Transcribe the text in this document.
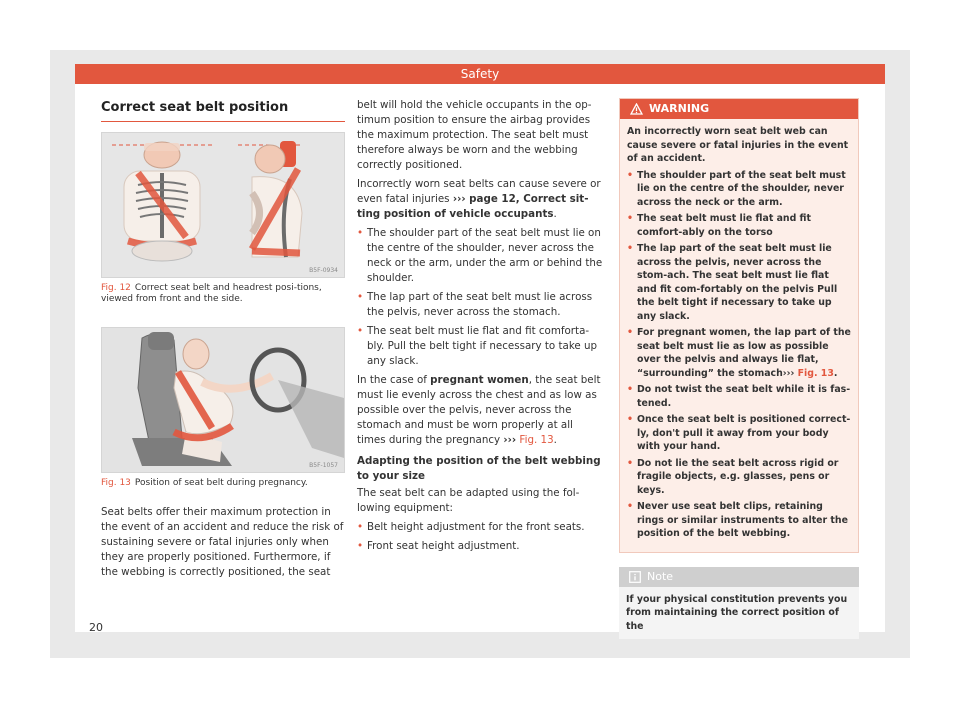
Safety
Correct seat belt position
B5F-0934
Fig. 12 Correct seat belt and headrest posi-tions, viewed from front and the side.
B5F-1057
Fig. 13 Position of seat belt during pregnancy.

Seat belts offer their maximum protection in the event of an accident and reduce the risk of sustaining severe or fatal injuries only when they are properly positioned. Furthermore, if the webbing is correctly positioned, the seat

belt will hold the vehicle occupants in the op-timum position to ensure the airbag provides the maximum protection. The seat belt must therefore always be worn and the webbing correctly positioned.

Incorrectly worn seat belts can cause severe or even fatal injuries ››› page 12, Correct sit-ting position of vehicle occupants.

• The shoulder part of the seat belt must lie on the centre of the shoulder, never across the neck or the arm, under the arm or behind the shoulder.

• The lap part of the seat belt must lie across the pelvis, never across the stomach.

• The seat belt must lie flat and fit comforta-bly. Pull the belt tight if necessary to take up any slack.

In the case of pregnant women, the seat belt must lie evenly across the chest and as low as possible over the pelvis, never across the stomach and must be worn properly at all times during the pregnancy ››› Fig. 13.

Adapting the position of the belt webbing to your size

The seat belt can be adapted using the fol-lowing equipment:

• Belt height adjustment for the front seats.

• Front seat height adjustment.

WARNING

An incorrectly worn seat belt web can cause severe or fatal injuries in the event of an accident.

• The shoulder part of the seat belt must lie on the centre of the shoulder, never across the neck or the arm.

• The seat belt must lie flat and fit comfort-ably on the torso

• The lap part of the seat belt must lie across the pelvis, never across the stom-ach. The seat belt must lie flat and fit com-fortably on the pelvis Pull the belt tight if necessary to take up any slack.

• For pregnant women, the lap part of the seat belt must lie as low as possible over the pelvis and always lie flat, “surrounding” the stomach››› Fig. 13.

• Do not twist the seat belt while it is fas-tened.

• Once the seat belt is positioned correct-ly, don't pull it away from your body with your hand.

• Do not lie the seat belt across rigid or fragile objects, e.g. glasses, pens or keys.

• Never use seat belt clips, retaining rings or similar instruments to alter the position of the belt webbing.

Note
If your physical constitution prevents you from maintaining the correct position of the
20
